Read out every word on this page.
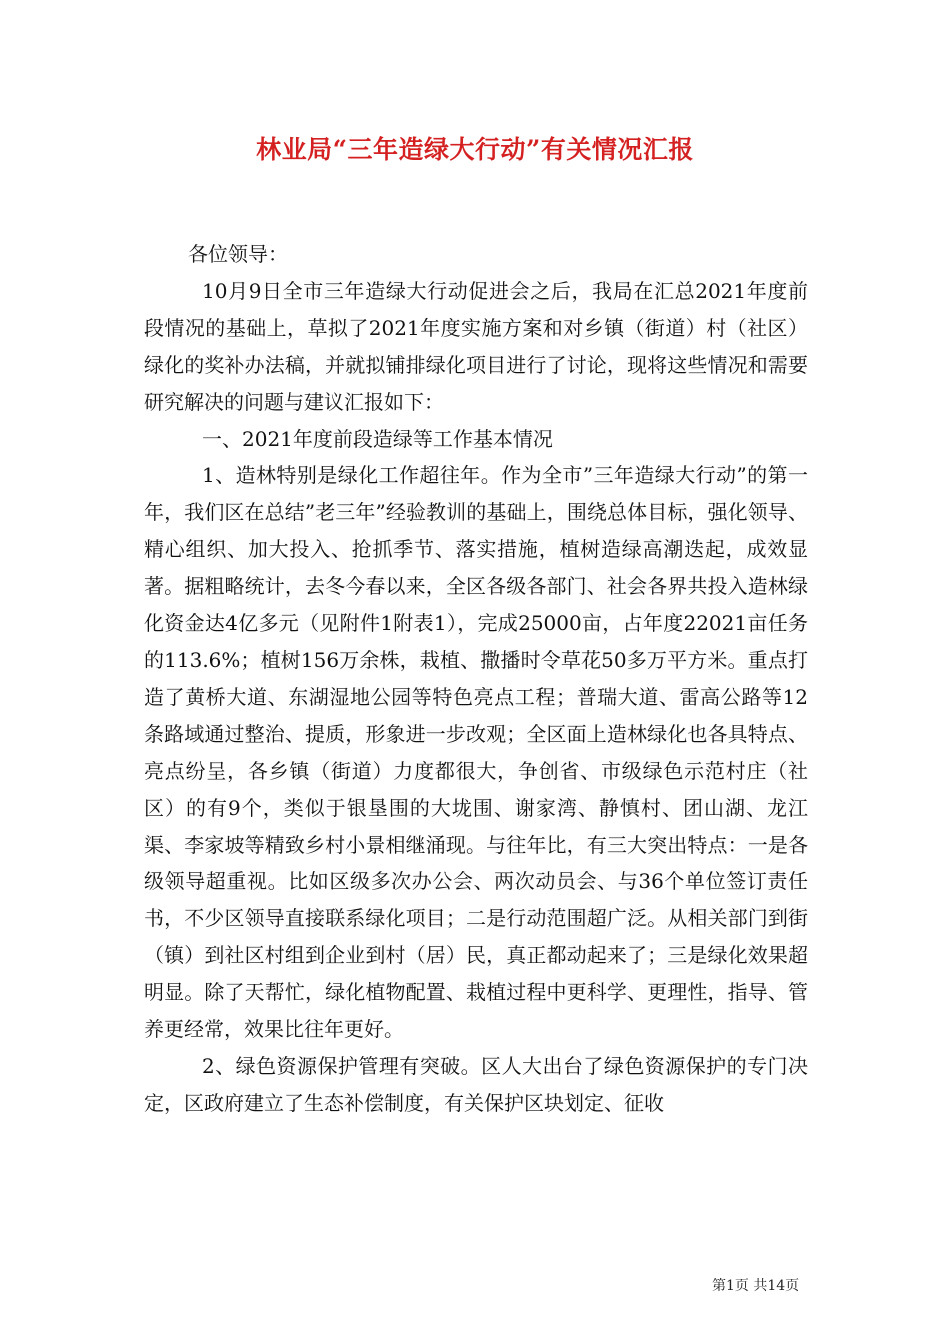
林业局“三年造绿大行动”有关情况汇报

各位领导：

10月9日全市三年造绿大行动促进会之后，我局在汇总2021年度前段情况的基础上，草拟了2021年度实施方案和对乡镇（街道）村（社区）绿化的奖补办法稿，并就拟铺排绿化项目进行了讨论，现将这些情况和需要研究解决的问题与建议汇报如下：

一、2021年度前段造绿等工作基本情况

1、造林特别是绿化工作超往年。作为全市”三年造绿大行动”的第一年，我们区在总结”老三年”经验教训的基础上，围绕总体目标，强化领导、精心组织、加大投入、抢抓季节、落实措施，植树造绿高潮迭起，成效显著。据粗略统计，去冬今春以来，全区各级各部门、社会各界共投入造林绿化资金达4亿多元（见附件1附表1），完成25000亩，占年度22021亩任务的113.6%；植树156万余株，栽植、撒播时令草花50多万平方米。重点打造了黄桥大道、东湖湿地公园等特色亮点工程；普瑞大道、雷高公路等12条路域通过整治、提质，形象进一步改观；全区面上造林绿化也各具特点、亮点纷呈，各乡镇（街道）力度都很大，争创省、市级绿色示范村庄（社区）的有9个，类似于银垦围的大垅围、谢家湾、静慎村、团山湖、龙江渠、李家坡等精致乡村小景相继涌现。与往年比，有三大突出特点：一是各级领导超重视。比如区级多次办公会、两次动员会、与36个单位签订责任书，不少区领导直接联系绿化项目；二是行动范围超广泛。从相关部门到街（镇）到社区村组到企业到村（居）民，真正都动起来了；三是绿化效果超明显。除了天帮忙，绿化植物配置、栽植过程中更科学、更理性，指导、管养更经常，效果比往年更好。

2、绿色资源保护管理有突破。区人大出台了绿色资源保护的专门决定，区政府建立了生态补偿制度，有关保护区块划定、征收

第1页 共14页
